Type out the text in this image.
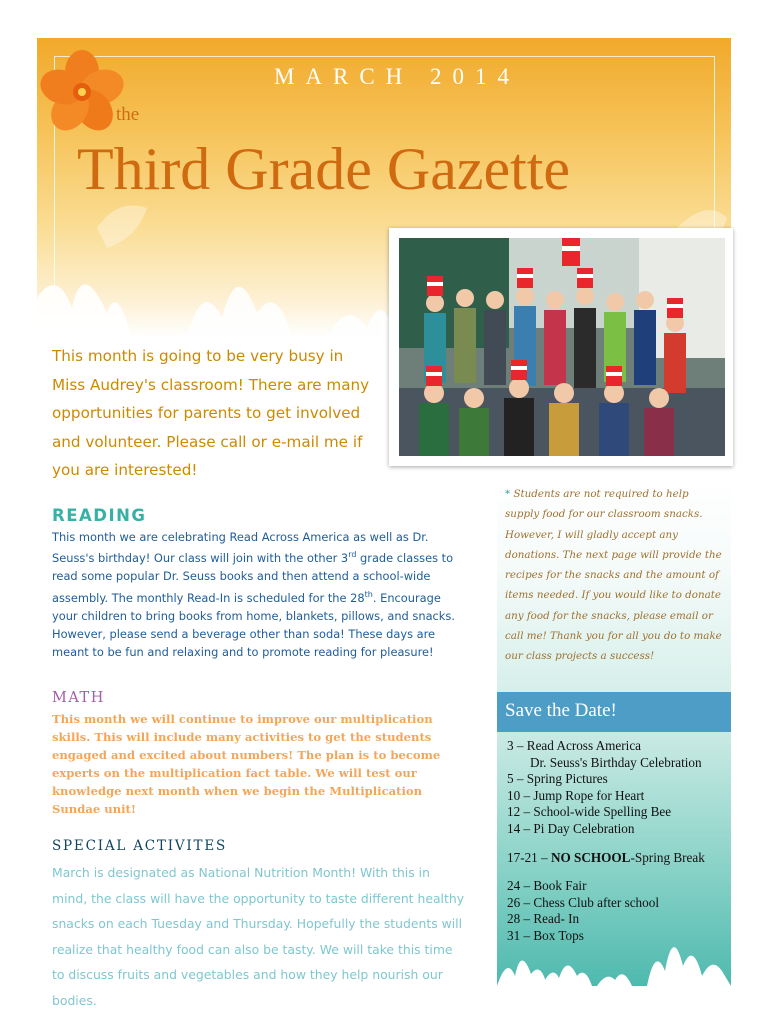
MARCH 2014
the
Third Grade Gazette
This month is going to be very busy in Miss Audrey's classroom! There are many opportunities for parents to get involved and volunteer. Please call or e-mail me if you are interested!
READING
This month we are celebrating Read Across America as well as Dr. Seuss's birthday! Our class will join with the other 3rd grade classes to read some popular Dr. Seuss books and then attend a school-wide assembly. The monthly Read-In is scheduled for the 28th. Encourage your children to bring books from home, blankets, pillows, and snacks. However, please send a beverage other than soda! These days are meant to be fun and relaxing and to promote reading for pleasure!
MATH
This month we will continue to improve our multiplication skills. This will include many activities to get the students engaged and excited about numbers! The plan is to become experts on the multiplication fact table. We will test our knowledge next month when we begin the Multiplication Sundae unit!
SPECIAL ACTIVITES
March is designated as National Nutrition Month! With this in mind, the class will have the opportunity to taste different healthy snacks on each Tuesday and Thursday. Hopefully the students will realize that healthy food can also be tasty. We will take this time to discuss fruits and vegetables and how they help nourish our bodies.
* Students are not required to help supply food for our classroom snacks. However, I will gladly accept any donations. The next page will provide the recipes for the snacks and the amount of items needed. If you would like to donate any food for the snacks, please email or call me! Thank you for all you do to make our class projects a success!
Save the Date!
3 – Read Across America
Dr. Seuss's Birthday Celebration
5 – Spring Pictures
10 – Jump Rope for Heart
12 – School-wide Spelling Bee
14 – Pi Day Celebration
17-21 – NO SCHOOL-Spring Break
24 – Book Fair
26 – Chess Club after school
28 – Read- In
31 – Box Tops
